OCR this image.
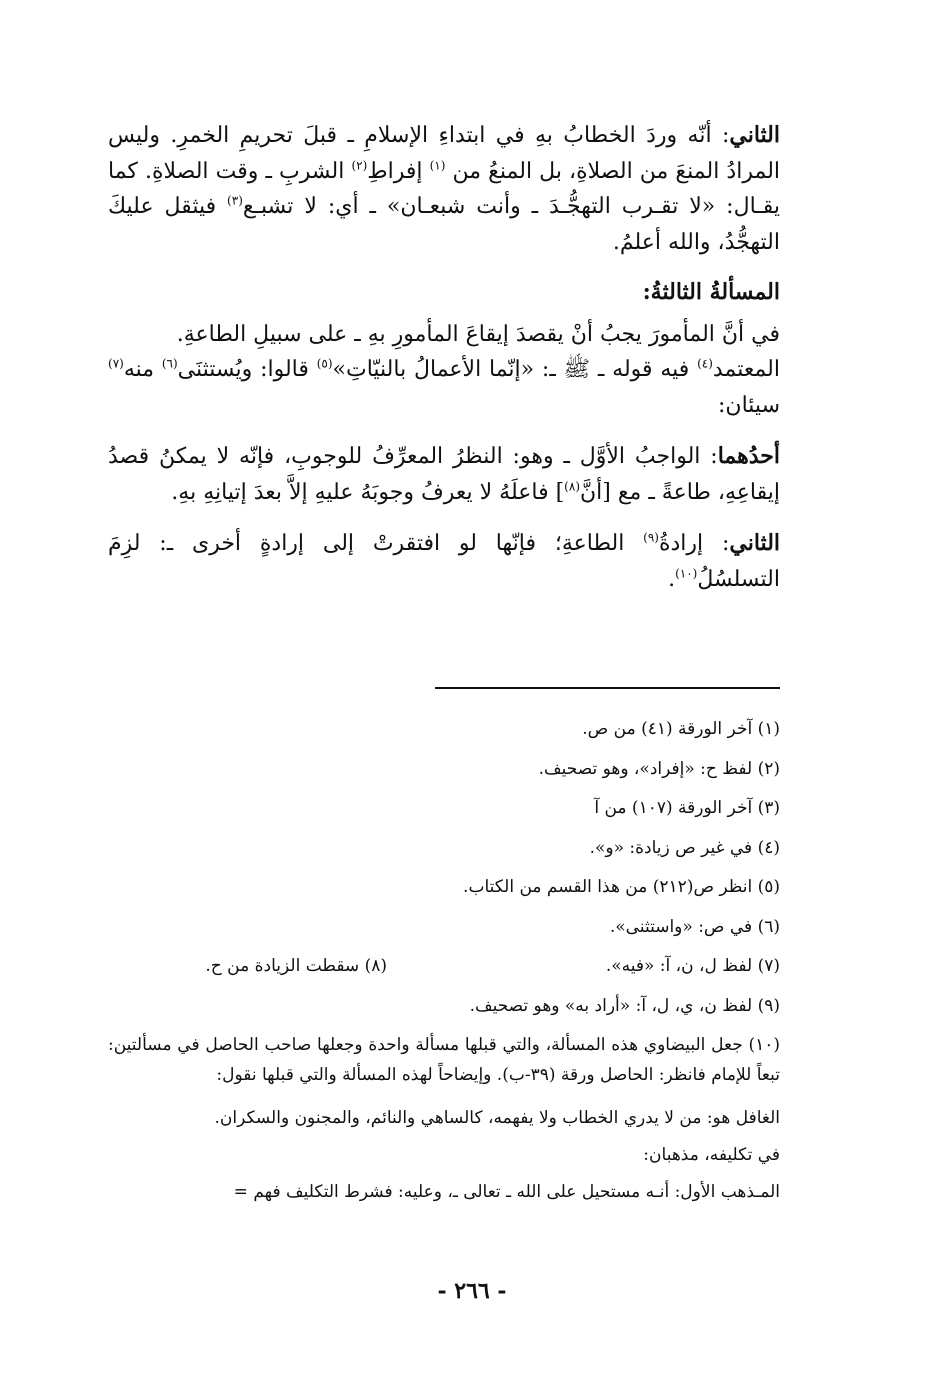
الثاني: أنّه وردَ الخطابُ بهِ في ابتداءِ الإسلامِ ـ قبلَ تحريمِ الخمرِ. وليس المرادُ المنعَ من الصلاةِ، بل المنعُ من $^{(١)}$ إفراطِ$^{(٢)}$ الشربِ ـ وقت الصلاةِ. كما يقـال: «لا تقـرب التهجُّـدَ ـ وأنت شبعـان» ـ أي: لا تشبـع$^{(٣)}$ فيثقل عليكَ التهجُّدُ، والله أعلمُ.

المسألةُ الثالثةُ:

في أنَّ المأمورَ يجبُ أنْ يقصدَ إيقاعَ المأمورِ بهِ ـ على سبيلِ الطاعةِ.

المعتمد$^{(٤)}$ فيه قوله ـ ﷺ ـ: «إنّما الأعمالُ بالنيّاتِ»$^{(٥)}$ قالوا: ويُستثنَى$^{(٦)}$ منه$^{(٧)}$ سيئان:

أحدُهما: الواجبُ الأوَّل ـ وهو: النظرُ المعرِّفُ للوجوبِ، فإنّه لا يمكنُ قصدُ إيقاعِهِ، طاعةً ـ مع [أنَّ$^{(٨)}$] فاعلَهُ لا يعرفُ وجوبَهُ عليهِ إلاَّ بعدَ إتيانِهِ بهِ.

الثاني: إرادةُ$^{(٩)}$ الطاعةِ؛ فإنّها لو افتقرتْ إلى إرادةٍ أخرى ـ: لزِمَ التسلسُلُ$^{(١٠)}$.

(١) آخر الورقة (٤١) من ص.
(٢) لفظ ح: «إفراد»، وهو تصحيف.
(٣) آخر الورقة (١٠٧) من آ
(٤) في غير ص زيادة: «و».
(٥) انظر ص(٢١٢) من هذا القسم من الكتاب.
(٦) في ص: «واستثنى».
(٧) لفظ ل، ن، آ: «فيه».
(٨) سقطت الزيادة من ح.
(٩) لفظ ن، ي، ل، آ: «أراد به» وهو تصحيف.
(١٠) جعل البيضاوي هذه المسألة، والتي قبلها مسألة واحدة وجعلها صاحب الحاصل في مسألتين: تبعاً للإمام فانظر: الحاصل ورقة (٣٩-ب). وإيضاحاً لهذه المسألة والتي قبلها نقول:
الغافل هو: من لا يدري الخطاب ولا يفهمه، كالساهي والنائم، والمجنون والسكران.
في تكليفه، مذهبان:
المـذهب الأول: أنـه مستحيل على الله ـ تعالى ـ، وعليه: فشرط التكليف فهم =
- ٢٦٦ -
